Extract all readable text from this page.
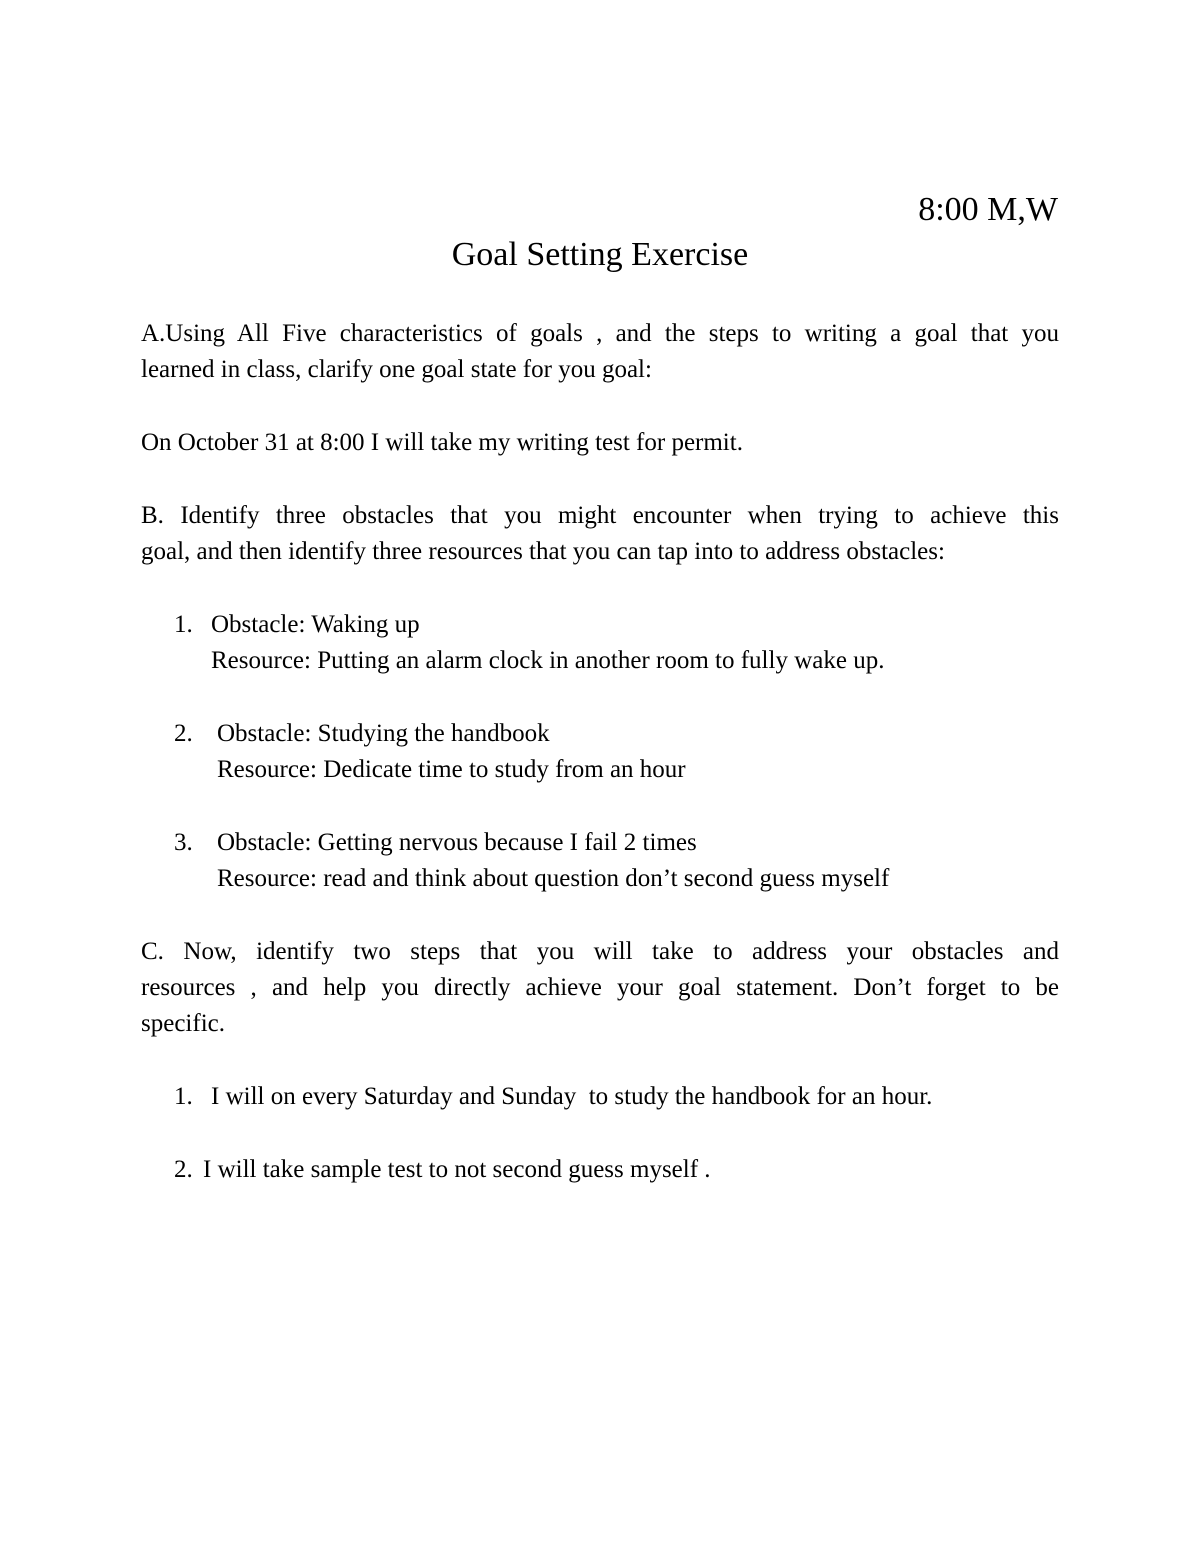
8:00 M,W
Goal Setting Exercise
A.Using All Five characteristics of goals , and the steps to writing a goal that you
learned in class, clarify one goal state for you goal:
On October 31 at 8:00 I will take my writing test for permit.
B. Identify three obstacles that you might encounter when trying to achieve this
goal, and then identify three resources that you can tap into to address obstacles:
1. Obstacle: Waking up
Resource: Putting an alarm clock in another room to fully wake up.
2. Obstacle: Studying the handbook
Resource: Dedicate time to study from an hour
3. Obstacle: Getting nervous because I fail 2 times
Resource: read and think about question don’t second guess myself
C. Now, identify two steps that you will take to address your obstacles and
resources , and help you directly achieve your goal statement. Don’t forget to be
specific.
1. I will on every Saturday and Sunday  to study the handbook for an hour.
2. I will take sample test to not second guess myself .
